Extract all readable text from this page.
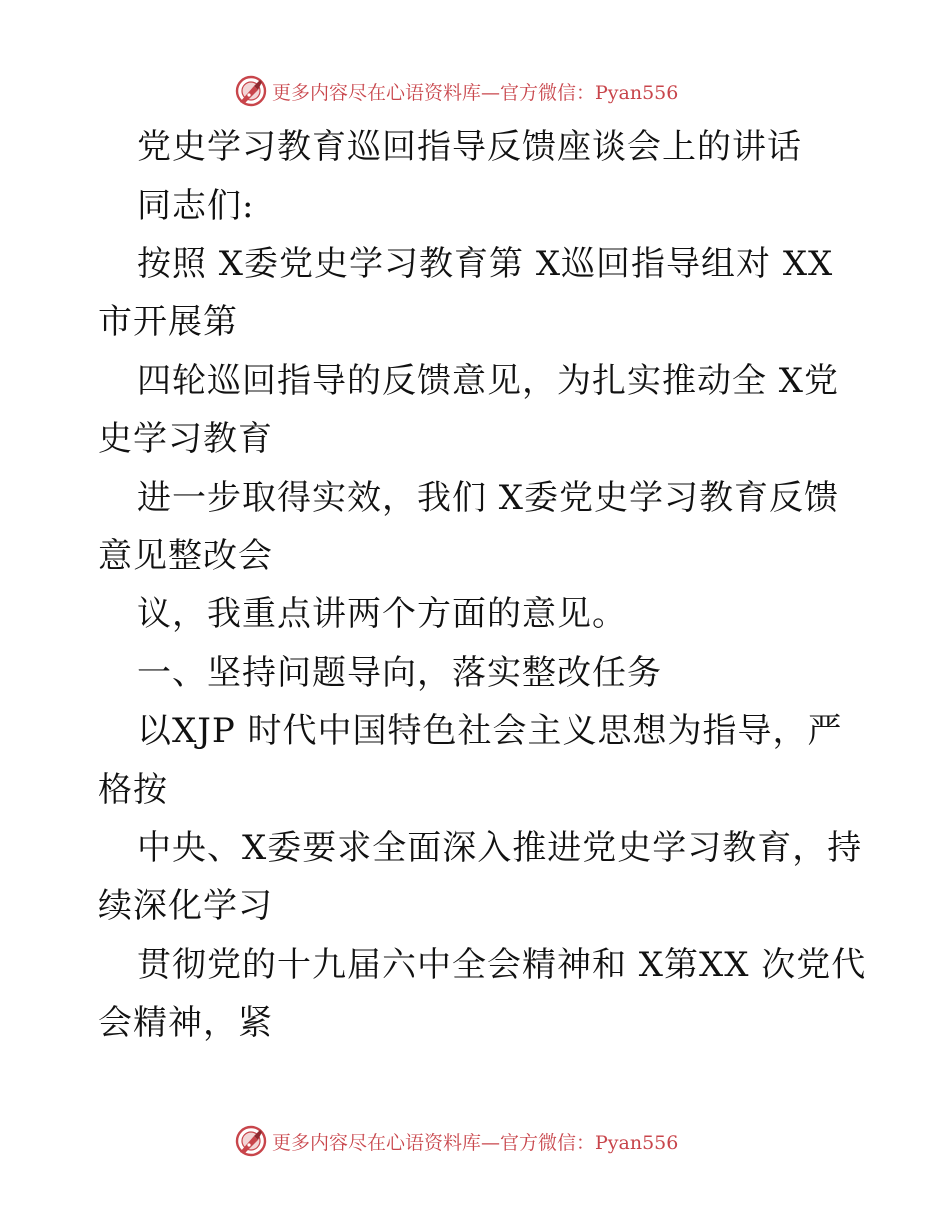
更多内容尽在心语资料库—官方微信：Pyan556
党史学习教育巡回指导反馈座谈会上的讲话
同志们:
按照 X委党史学习教育第 X巡回指导组对 XX
市开展第
四轮巡回指导的反馈意见，为扎实推动全 X党
史学习教育
进一步取得实效，我们 X委党史学习教育反馈
意见整改会
议，我重点讲两个方面的意见。
一、坚持问题导向，落实整改任务
以XJP 时代中国特色社会主义思想为指导，严
格按
中央、X委要求全面深入推进党史学习教育，持
续深化学习
贯彻党的十九届六中全会精神和 X第XX 次党代
会精神，紧
更多内容尽在心语资料库—官方微信：Pyan556
